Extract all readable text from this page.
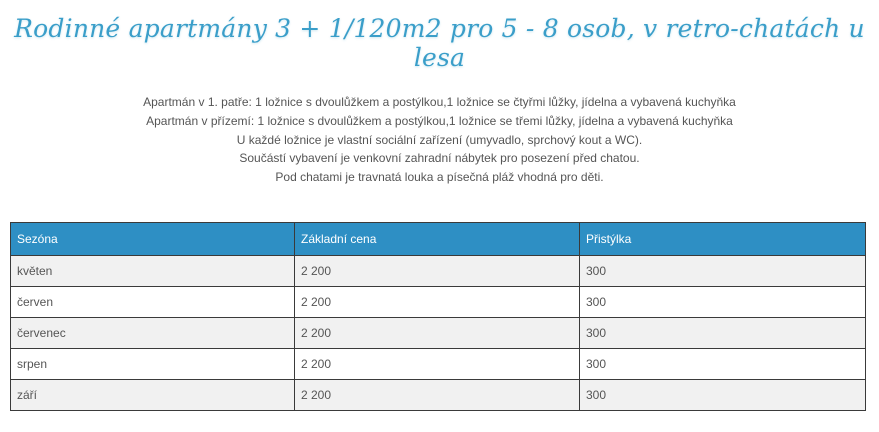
Rodinné apartmány 3 + 1/120m2 pro 5 - 8 osob, v retro-chatách u lesa
Apartmán v 1. patře: 1 ložnice s dvoulůžkem a postýlkou,1 ložnice se čtyřmi lůžky, jídelna a vybavená kuchyňka
Apartmán v přízemí: 1 ložnice s dvoulůžkem a postýlkou,1 ložnice se třemi lůžky, jídelna a vybavená kuchyňka
U každé ložnice je vlastní sociální zařízení (umyvadlo, sprchový kout a WC).
Součástí vybavení je venkovní zahradní nábytek pro posezení před chatou.
Pod chatami je travnatá louka a písečná pláž vhodná pro děti.
Sezóna	Základní cena	Přistýlka
květen	2 200	300
červen	2 200	300
červenec	2 200	300
srpen	2 200	300
září	2 200	300
